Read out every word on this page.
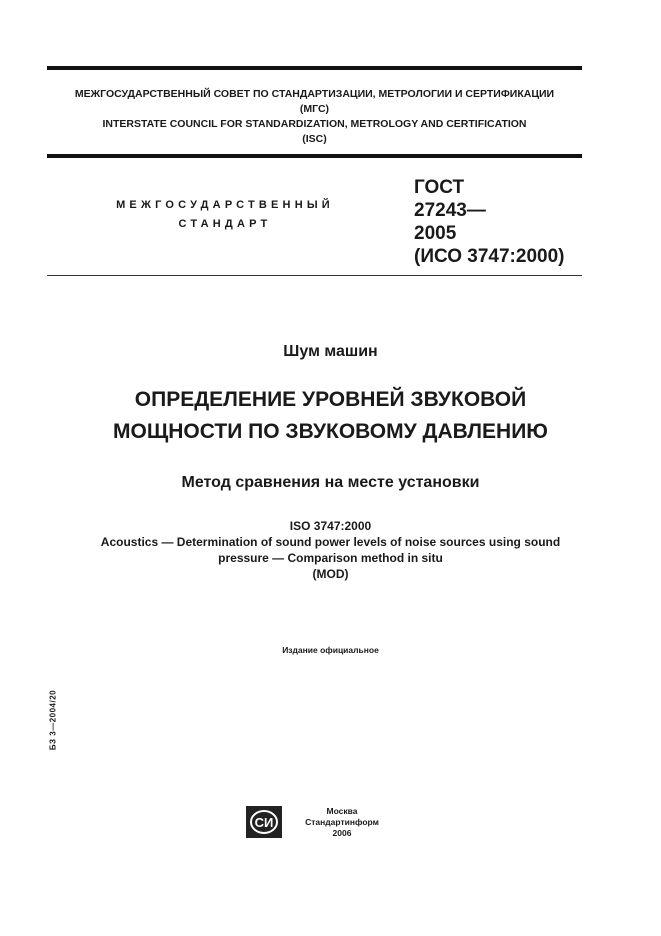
МЕЖГОСУДАРСТВЕННЫЙ СОВЕТ ПО СТАНДАРТИЗАЦИИ, МЕТРОЛОГИИ И СЕРТИФИКАЦИИ
(МГС)
INTERSTATE COUNCIL FOR STANDARDIZATION, METROLOGY AND CERTIFICATION
(ISC)
МЕЖГОСУДАРСТВЕННЫЙ
СТАНДАРТ
ГОСТ
27243—
2005
(ИСО 3747:2000)
Шум машин
ОПРЕДЕЛЕНИЕ УРОВНЕЙ ЗВУКОВОЙ
МОЩНОСТИ ПО ЗВУКОВОМУ ДАВЛЕНИЮ
Метод сравнения на месте установки
ISO 3747:2000
Acoustics — Determination of sound power levels of noise sources using sound
pressure — Comparison method in situ
(MOD)
Издание официальное
БЗ 3—2004/20
СИ
Москва
Стандартинформ
2006
